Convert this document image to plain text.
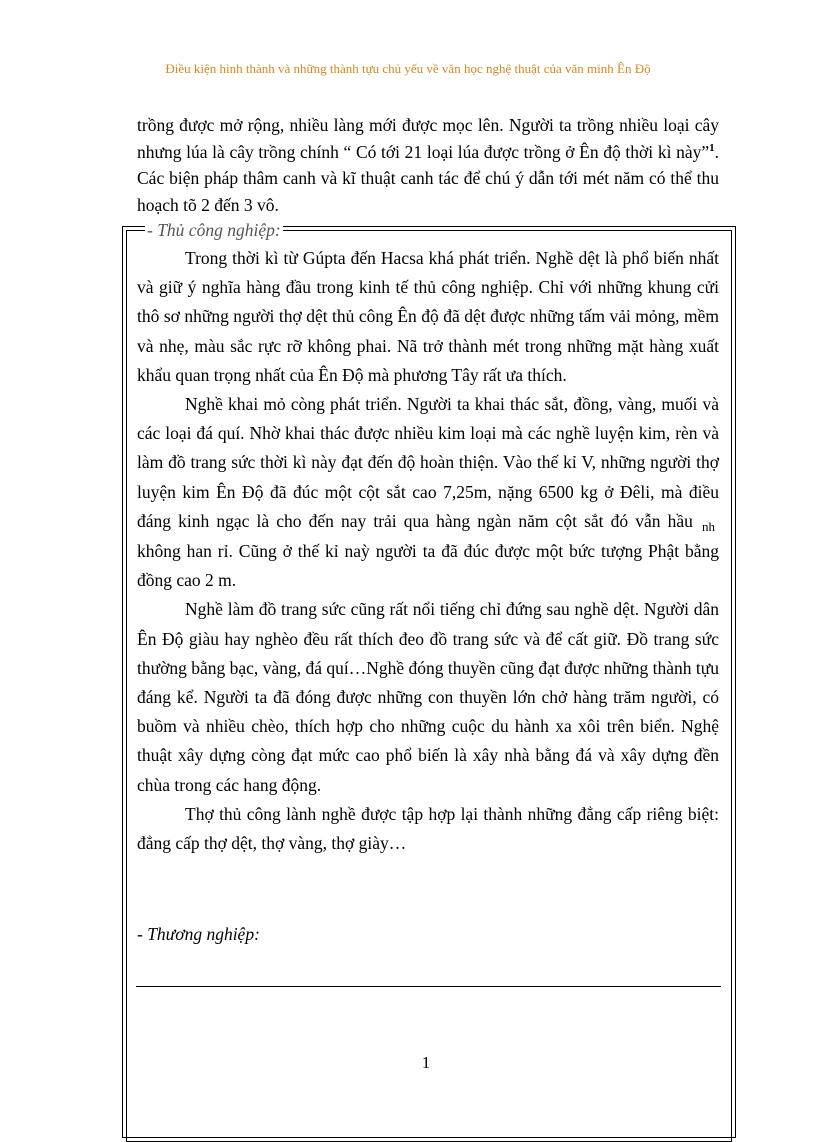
Điều kiện hình thành và những thành tựu chủ yếu về văn học nghệ thuật của văn minh Ên Độ

trồng được mở rộng, nhiều làng mới được mọc lên. Người ta trồng nhiều loại cây nhưng lúa là cây trồng chính “ Có tới 21 loại lúa được trồng ở Ên độ thời kì này”$^1$. Các biện pháp thâm canh và kĩ thuật canh tác để chú ý dẫn tới mét năm có thể thu hoạch tõ 2 đến 3 vô.

- Thủ công nghiệp:

Trong thời kì từ Gúpta đến Hacsa khá phát triển. Nghề dệt là phổ biến nhất và giữ ý nghĩa hàng đầu trong kinh tế thủ công nghiệp. Chỉ với những khung cửi thô sơ những người thợ dệt thủ công Ên độ đã dệt được những tấm vải mỏng, mềm và nhẹ, màu sắc rực rỡ không phai. Nã trở thành mét trong những mặt hàng xuất khẩu quan trọng nhất của Ên Độ mà phương Tây rất ưa thích.

Nghề khai mỏ còng phát triển. Người ta khai thác sắt, đồng, vàng, muối và các loại đá quí. Nhờ khai thác được nhiều kim loại mà các nghề luyện kim, rèn và làm đồ trang sức thời kì này đạt đến độ hoàn thiện. Vào thế kỉ V, những người thợ luyện kim Ên Độ đã đúc một cột sắt cao 7,25m, nặng 6500 kg ở Đêli, mà điều đáng kinh ngạc là cho đến nay trải qua hàng ngàn năm cột sắt đó vẫn hầu $_{nh}$ không han rỉ. Cũng ở thế kỉ naỳ người ta đã đúc được một bức tượng Phật bằng đồng cao 2 m.

Nghề làm đồ trang sức cũng rất nổi tiếng chỉ đứng sau nghề dệt. Người dân Ên Độ giàu hay nghèo đều rất thích đeo đồ trang sức và để cất giữ. Đồ trang sức thường bằng bạc, vàng, đá quí…Nghề đóng thuyền cũng đạt được những thành tựu đáng kể. Người ta đã đóng được những con thuyền lớn chở hàng trăm người, có buồm và nhiều chèo, thích hợp cho những cuộc du hành xa xôi trên biển. Nghệ thuật xây dựng còng đạt mức cao phổ biến là xây nhà bằng đá và xây dựng đền chùa trong các hang động.

Thợ thủ công lành nghề được tập hợp lại thành những đẳng cấp riêng biệt: đẳng cấp thợ dệt, thợ vàng, thợ giày…

- Thương nghiệp:
1
